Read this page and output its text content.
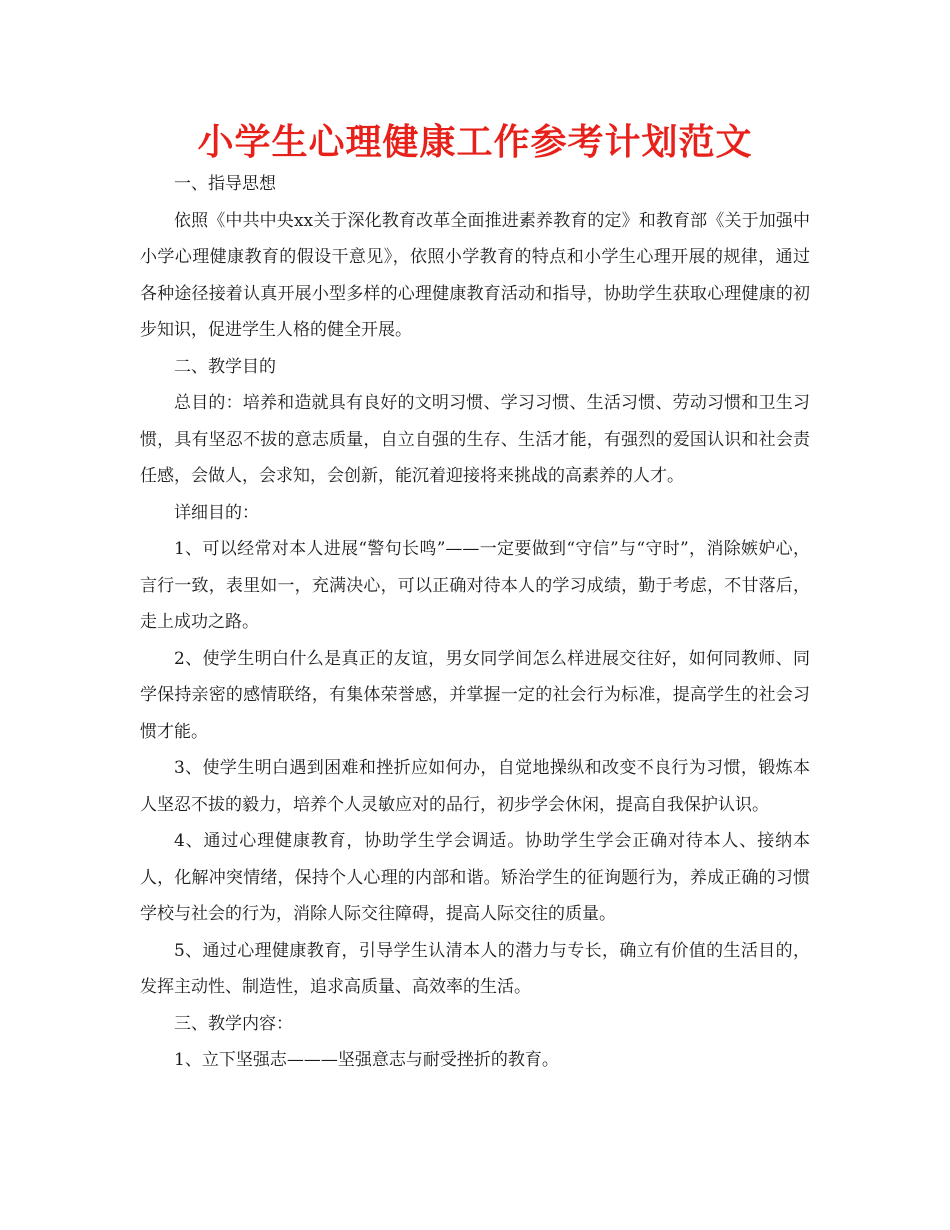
小学生心理健康工作参考计划范文

一、指导思想

依照《中共中央xx关于深化教育改革全面推进素养教育的定》和教育部《关于加强中小学心理健康教育的假设干意见》，依照小学教育的特点和小学生心理开展的规律，通过各种途径接着认真开展小型多样的心理健康教育活动和指导，协助学生获取心理健康的初步知识，促进学生人格的健全开展。

二、教学目的

总目的：培养和造就具有良好的文明习惯、学习习惯、生活习惯、劳动习惯和卫生习惯，具有坚忍不拔的意志质量，自立自强的生存、生活才能，有强烈的爱国认识和社会责任感，会做人，会求知，会创新，能沉着迎接将来挑战的高素养的人才。

详细目的：

1、可以经常对本人进展“警句长鸣”——一定要做到“守信”与“守时”，消除嫉妒心，言行一致，表里如一，充满决心，可以正确对待本人的学习成绩，勤于考虑，不甘落后，走上成功之路。

2、使学生明白什么是真正的友谊，男女同学间怎么样进展交往好，如何同教师、同学保持亲密的感情联络，有集体荣誉感，并掌握一定的社会行为标准，提高学生的社会习惯才能。

3、使学生明白遇到困难和挫折应如何办，自觉地操纵和改变不良行为习惯，锻炼本人坚忍不拔的毅力，培养个人灵敏应对的品行，初步学会休闲，提高自我保护认识。

4、通过心理健康教育，协助学生学会调适。协助学生学会正确对待本人、接纳本人，化解冲突情绪，保持个人心理的内部和谐。矫治学生的征询题行为，养成正确的习惯学校与社会的行为，消除人际交往障碍，提高人际交往的质量。

5、通过心理健康教育，引导学生认清本人的潜力与专长，确立有价值的生活目的，发挥主动性、制造性，追求高质量、高效率的生活。

三、教学内容：

1、立下坚强志———坚强意志与耐受挫折的教育。
